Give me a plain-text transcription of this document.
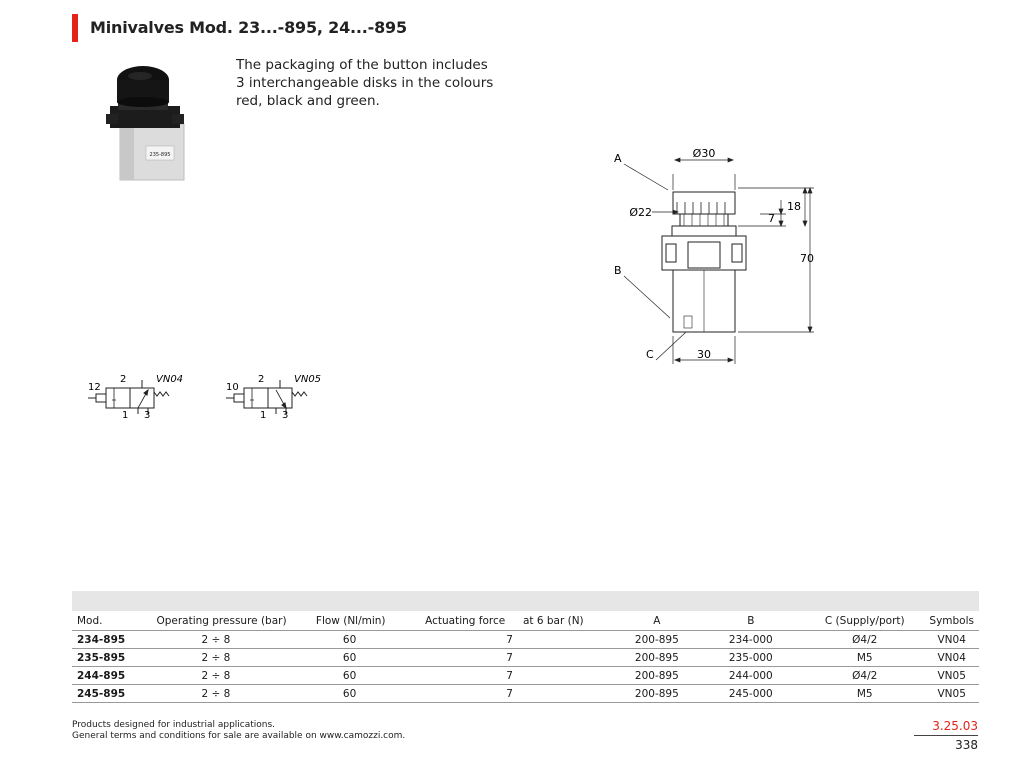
Minivalves Mod. 23...-895, 24...-895
235-895
The packaging of the button includes 3 interchangeable disks in the colours red, black and green.
Ø30
Ø22	7
18
70
30
A
B
C
12
2
1 3
VN04
10
2
1 3
VN05
Mod.	Operating pressure (bar)	Flow (Nl/min)	Actuating force	at 6 bar (N)	A	B	C (Supply/port)	Symbols
234-895	2 ÷ 8	60	7		200-895	234-000	Ø4/2	VN04
235-895	2 ÷ 8	60	7		200-895	235-000	M5	VN04
244-895	2 ÷ 8	60	7		200-895	244-000	Ø4/2	VN05
245-895	2 ÷ 8	60	7		200-895	245-000	M5	VN05
Products designed for industrial applications.
General terms and conditions for sale are available on www.camozzi.com.
3.25.03
338
